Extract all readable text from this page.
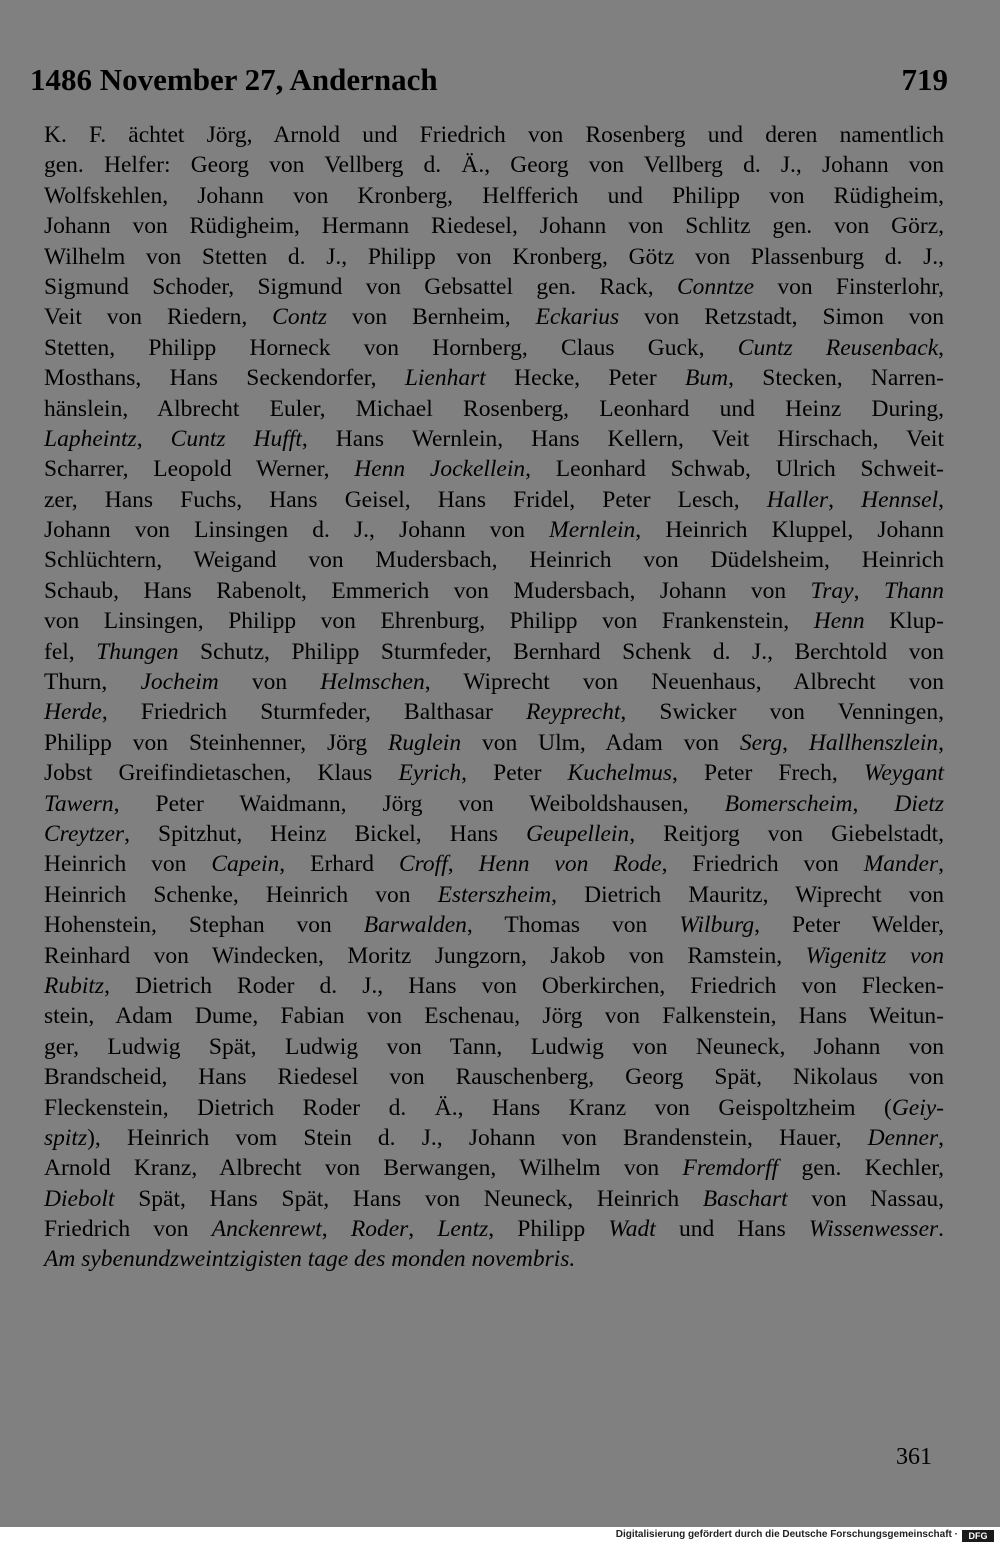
1486 November 27, Andernach	719
K. F. ächtet Jörg, Arnold und Friedrich von Rosenberg und deren namentlich
gen. Helfer: Georg von Vellberg d. Ä., Georg von Vellberg d. J., Johann von
Wolfskehlen, Johann von Kronberg, Helfferich und Philipp von Rüdigheim,
Johann von Rüdigheim, Hermann Riedesel, Johann von Schlitz gen. von Görz,
Wilhelm von Stetten d. J., Philipp von Kronberg, Götz von Plassenburg d. J.,
Sigmund Schoder, Sigmund von Gebsattel gen. Rack, Conntze von Finsterlohr,
Veit von Riedern, Contz von Bernheim, Eckarius von Retzstadt, Simon von
Stetten, Philipp Horneck von Hornberg, Claus Guck, Cuntz Reusenback,
Mosthans, Hans Seckendorfer, Lienhart Hecke, Peter Bum, Stecken, Narren-
hänslein, Albrecht Euler, Michael Rosenberg, Leonhard und Heinz During,
Lapheintz, Cuntz Hufft, Hans Wernlein, Hans Kellern, Veit Hirschach, Veit
Scharrer, Leopold Werner, Henn Jockellein, Leonhard Schwab, Ulrich Schweit-
zer, Hans Fuchs, Hans Geisel, Hans Fridel, Peter Lesch, Haller, Hennsel,
Johann von Linsingen d. J., Johann von Mernlein, Heinrich Kluppel, Johann
Schlüchtern, Weigand von Mudersbach, Heinrich von Düdelsheim, Heinrich
Schaub, Hans Rabenolt, Emmerich von Mudersbach, Johann von Tray, Thann
von Linsingen, Philipp von Ehrenburg, Philipp von Frankenstein, Henn Klup-
fel, Thungen Schutz, Philipp Sturmfeder, Bernhard Schenk d. J., Berchtold von
Thurn, Jocheim von Helmschen, Wiprecht von Neuenhaus, Albrecht von
Herde, Friedrich Sturmfeder, Balthasar Reyprecht, Swicker von Venningen,
Philipp von Steinhenner, Jörg Ruglein von Ulm, Adam von Serg, Hallhenszlein,
Jobst Greifindietaschen, Klaus Eyrich, Peter Kuchelmus, Peter Frech, Weygant
Tawern, Peter Waidmann, Jörg von Weiboldshausen, Bomerscheim, Dietz
Creytzer, Spitzhut, Heinz Bickel, Hans Geupellein, Reitjorg von Giebelstadt,
Heinrich von Capein, Erhard Croff, Henn von Rode, Friedrich von Mander,
Heinrich Schenke, Heinrich von Esterszheim, Dietrich Mauritz, Wiprecht von
Hohenstein, Stephan von Barwalden, Thomas von Wilburg, Peter Welder,
Reinhard von Windecken, Moritz Jungzorn, Jakob von Ramstein, Wigenitz von
Rubitz, Dietrich Roder d. J., Hans von Oberkirchen, Friedrich von Flecken-
stein, Adam Dume, Fabian von Eschenau, Jörg von Falkenstein, Hans Weitun-
ger, Ludwig Spät, Ludwig von Tann, Ludwig von Neuneck, Johann von
Brandscheid, Hans Riedesel von Rauschenberg, Georg Spät, Nikolaus von
Fleckenstein, Dietrich Roder d. Ä., Hans Kranz von Geispoltzheim (Geiy-
spitz), Heinrich vom Stein d. J., Johann von Brandenstein, Hauer, Denner,
Arnold Kranz, Albrecht von Berwangen, Wilhelm von Fremdorff gen. Kechler,
Diebolt Spät, Hans Spät, Hans von Neuneck, Heinrich Baschart von Nassau,
Friedrich von Anckenrewt, Roder, Lentz, Philipp Wadt und Hans Wissenwesser.
Am sybenundzweintzigisten tage des monden novembris.
361
Digitalisierung gefördert durch die Deutsche Forschungsgemeinschaft ·	DFG
